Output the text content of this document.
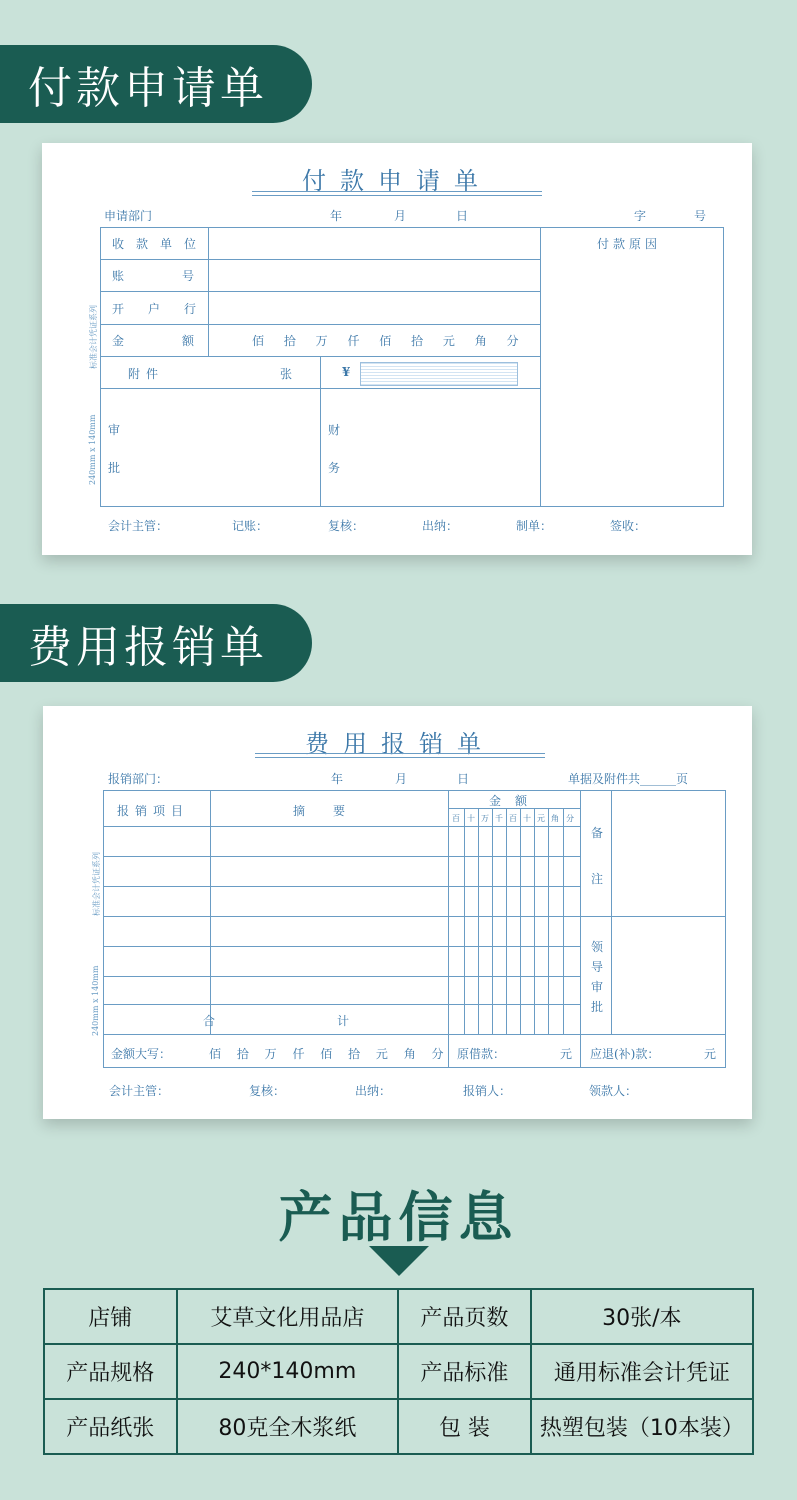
付款申请单
付款申请单
申请部门	年	月	日	字	号
收款单位
账号
开户行
金额 佰 拾 万 仟 佰 拾 元 角 分
付款原因
附件	张	¥
审
批
财
务
标准会计凭证系列
240mm x 140mm
会计主管：	记账：	复核：	出纳：	制单：	签收：
费用报销单
费用报销单
报销部门：	年	月	日	单据及附件共______页
报销项目	摘要
金额
百 十 万 千 百 十 元 角 分
备
注
领
导
审
批
合	计
金额大写：	佰 拾 万 仟 佰 拾 元 角 分 原借款：	元 应退(补)款：	元
标准会计凭证系列
240mm x 140mm
会计主管：	复核：	出纳：	报销人：	领款人：
产品信息
店铺	艾草文化用品店	产品页数	30张/本
产品规格	240*140mm	产品标准	通用标准会计凭证
产品纸张	80克全木浆纸	包 装	热塑包装（10本装）
